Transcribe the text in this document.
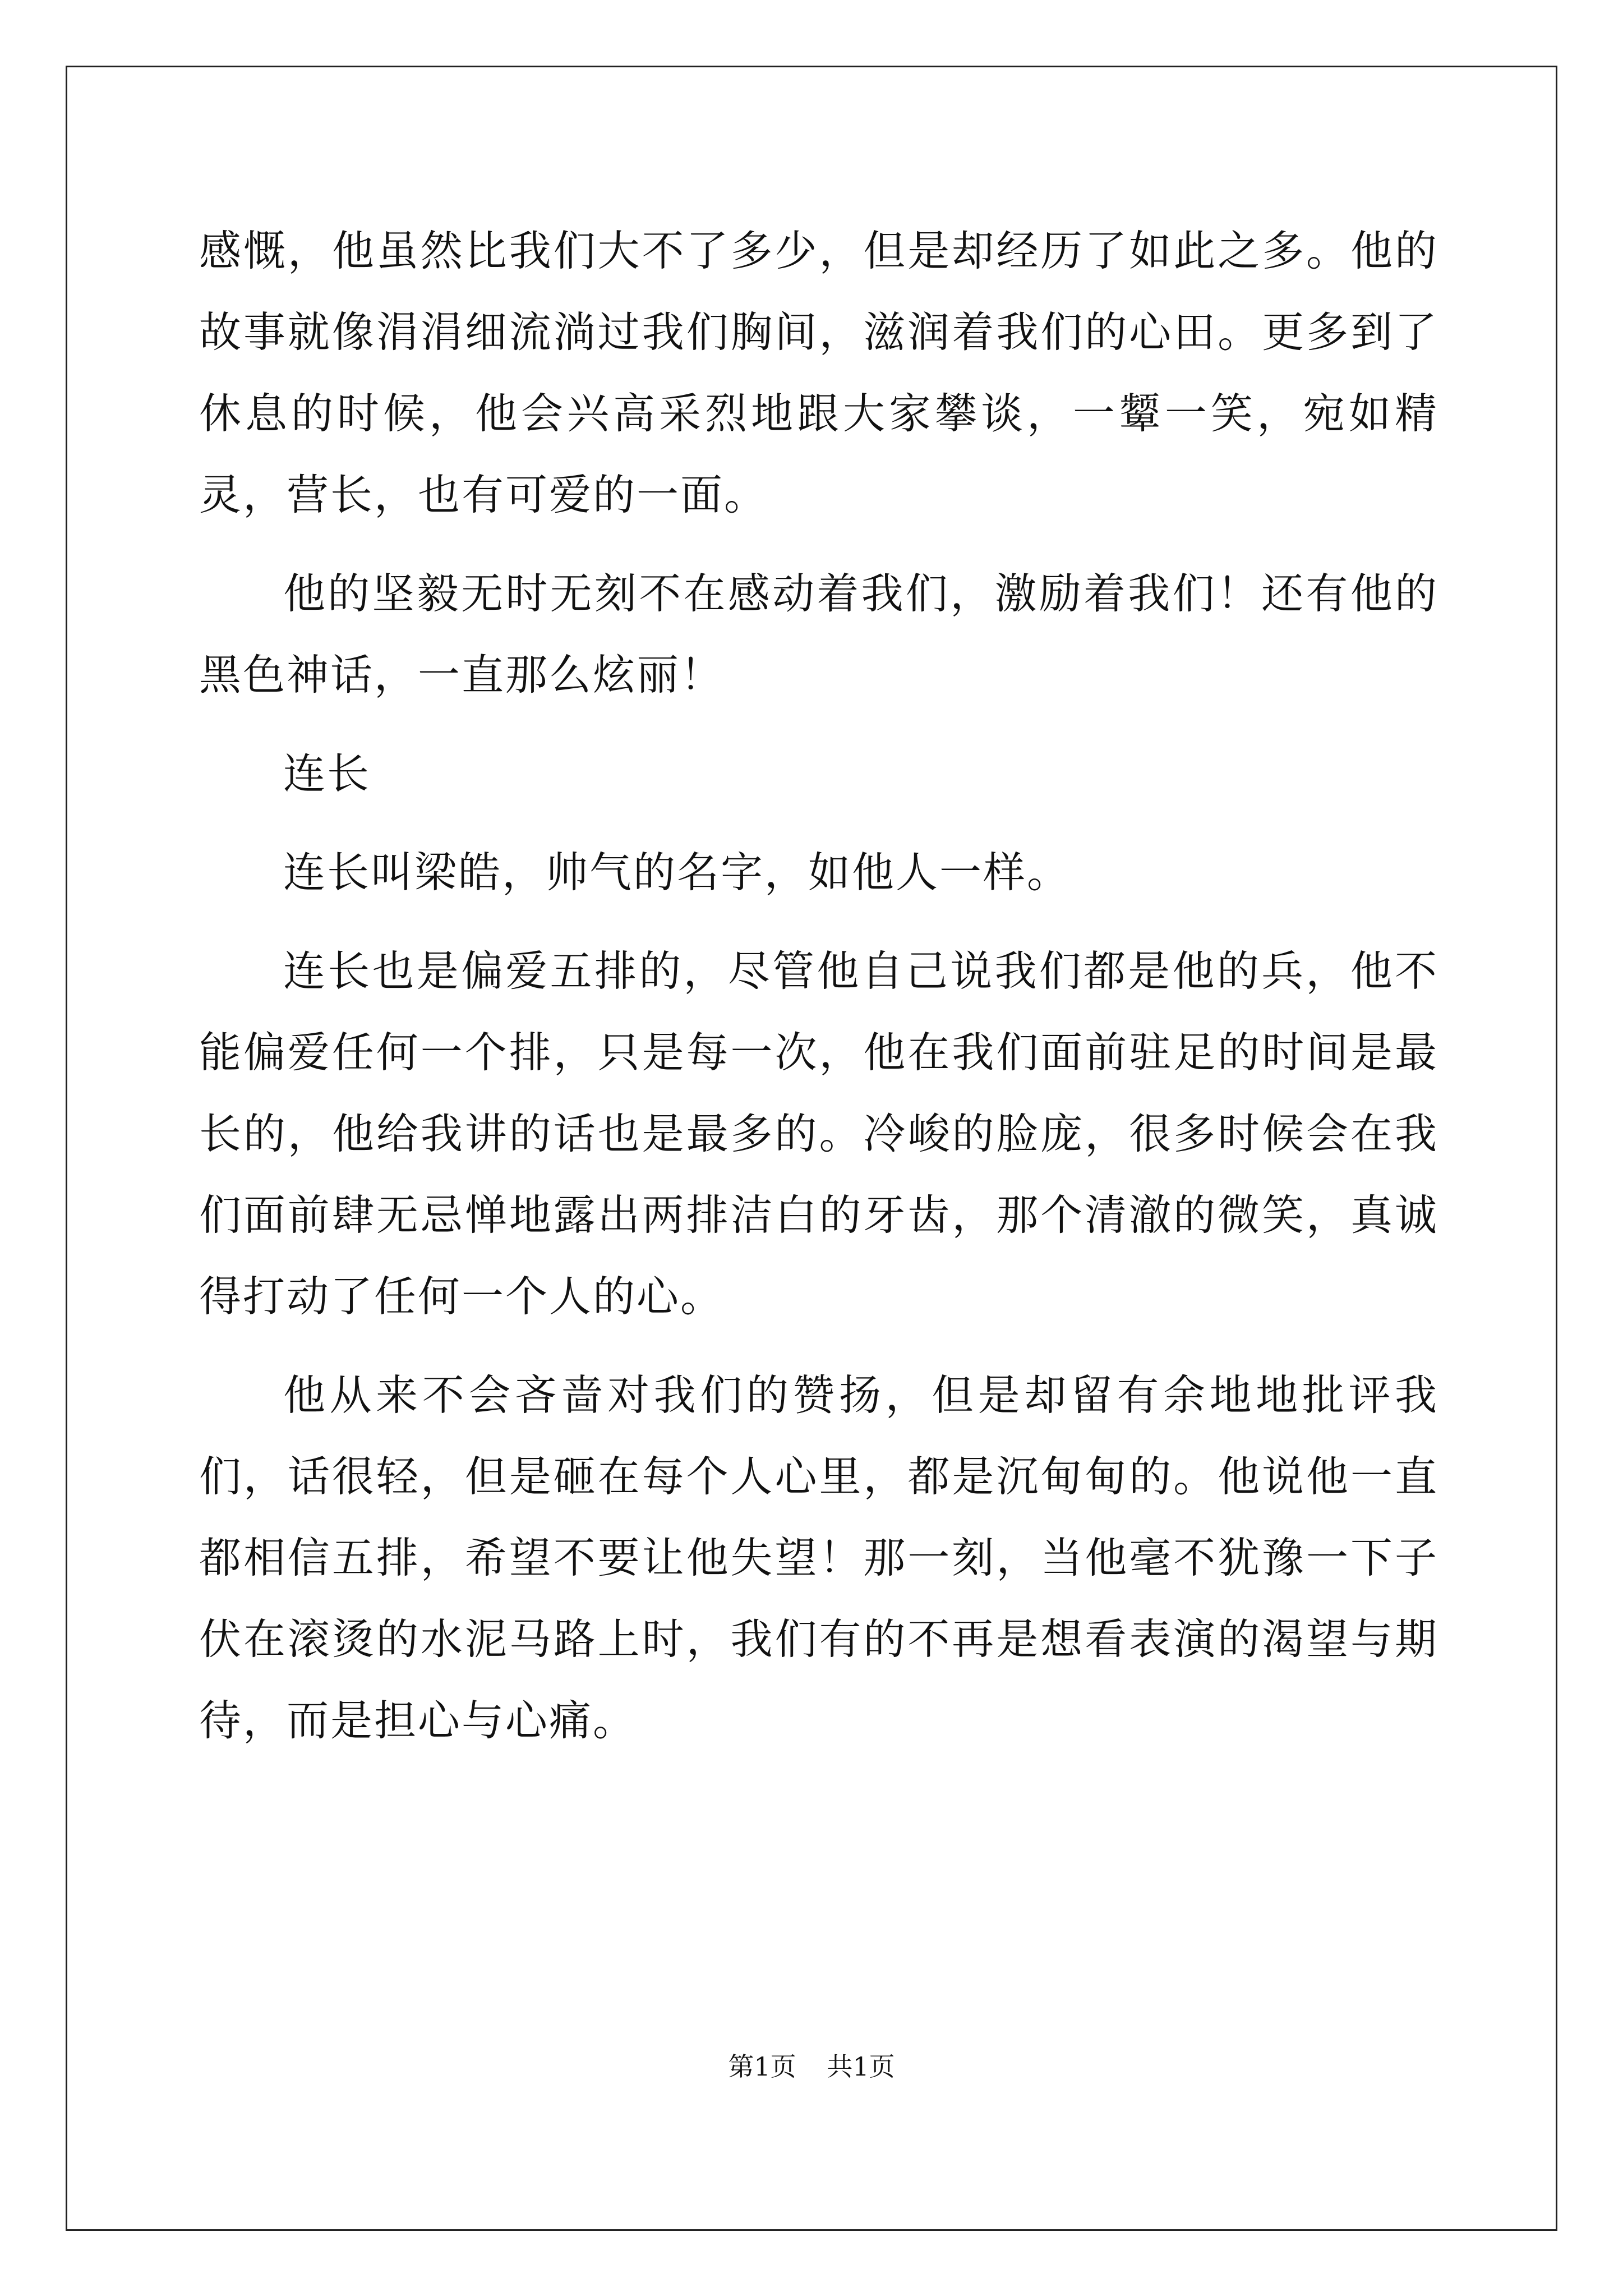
感慨，他虽然比我们大不了多少，但是却经历了如此之多。他的故事就像涓涓细流淌过我们胸间，滋润着我们的心田。更多到了休息的时候，他会兴高采烈地跟大家攀谈，一颦一笑，宛如精灵，营长，也有可爱的一面。

他的坚毅无时无刻不在感动着我们，激励着我们！还有他的黑色神话，一直那么炫丽！

连长

连长叫梁皓，帅气的名字，如他人一样。

连长也是偏爱五排的，尽管他自己说我们都是他的兵，他不能偏爱任何一个排，只是每一次，他在我们面前驻足的时间是最长的，他给我讲的话也是最多的。冷峻的脸庞，很多时候会在我们面前肆无忌惮地露出两排洁白的牙齿，那个清澈的微笑，真诚得打动了任何一个人的心。

他从来不会吝啬对我们的赞扬，但是却留有余地地批评我们，话很轻，但是砸在每个人心里，都是沉甸甸的。他说他一直都相信五排，希望不要让他失望！那一刻，当他毫不犹豫一下子伏在滚烫的水泥马路上时，我们有的不再是想看表演的渴望与期待，而是担心与心痛。

第1页 共1页
